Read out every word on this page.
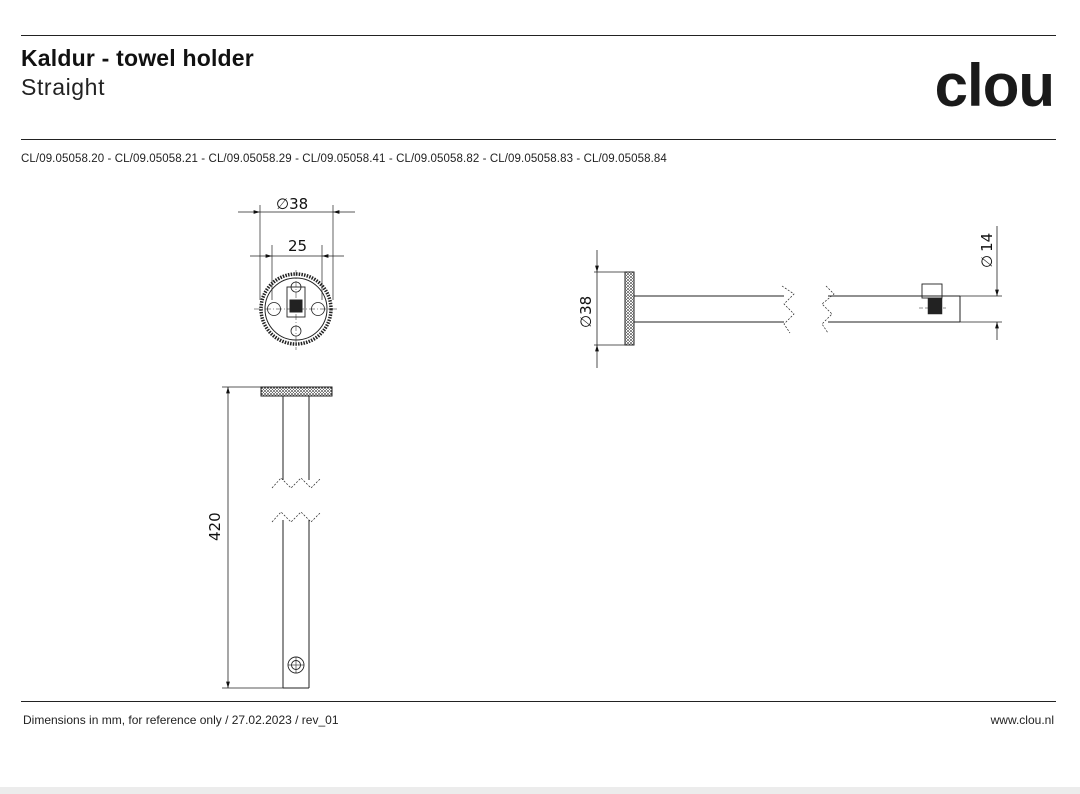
Kaldur - towel holder
Straight	clou
CL/09.05058.20 - CL/09.05058.21 - CL/09.05058.29 - CL/09.05058.41 - CL/09.05058.82 - CL/09.05058.83 - CL/09.05058.84
∅38
25
420
∅38
∅14
Dimensions in mm, for reference only / 27.02.2023 / rev_01	www.clou.nl
